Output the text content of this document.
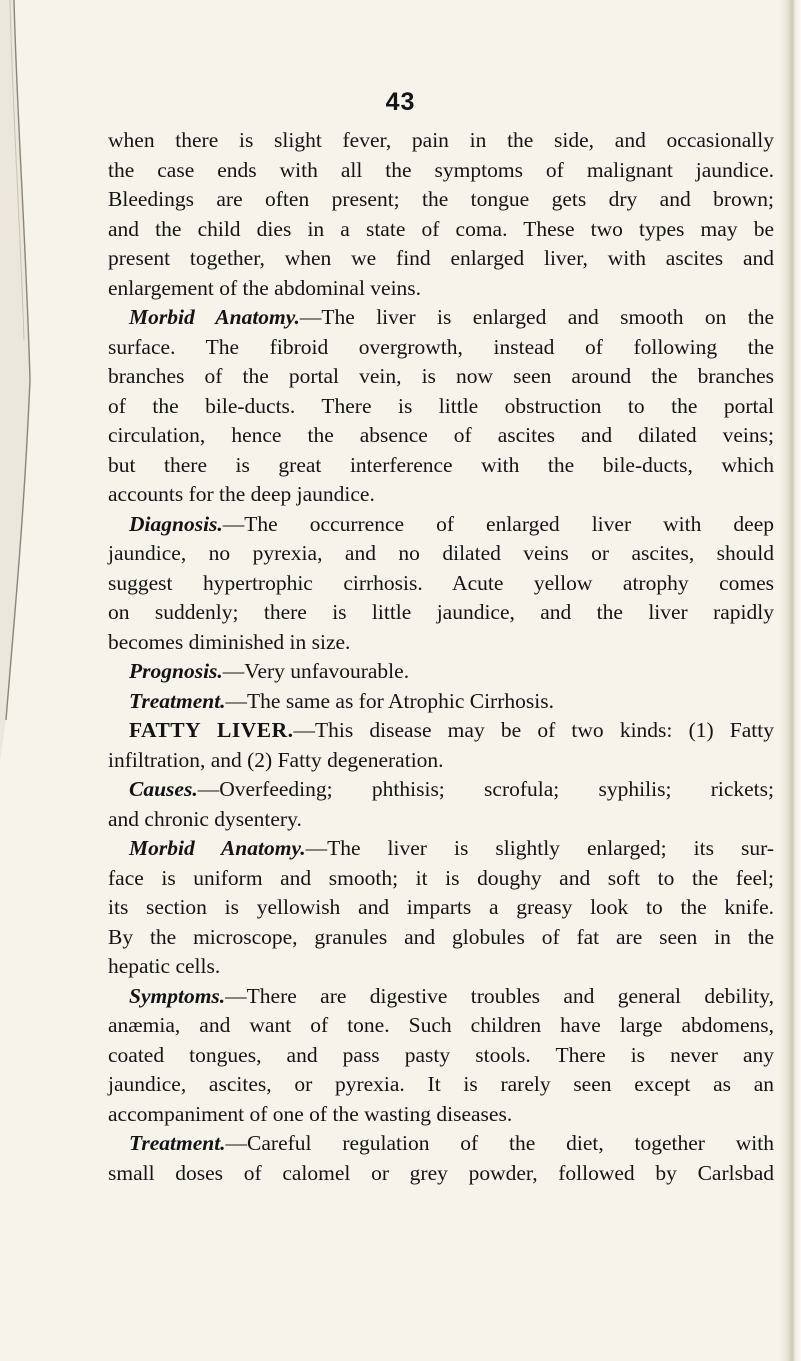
43
when there is slight fever, pain in the side, and occasionally
the case ends with all the symptoms of malignant jaundice.
Bleedings are often present; the tongue gets dry and brown;
and the child dies in a state of coma. These two types may be
present together, when we find enlarged liver, with ascites and
enlargement of the abdominal veins.
Morbid Anatomy.—The liver is enlarged and smooth on the
surface. The fibroid overgrowth, instead of following the
branches of the portal vein, is now seen around the branches
of the bile-ducts. There is little obstruction to the portal
circulation, hence the absence of ascites and dilated veins;
but there is great interference with the bile-ducts, which
accounts for the deep jaundice.
Diagnosis.—The occurrence of enlarged liver with deep
jaundice, no pyrexia, and no dilated veins or ascites, should
suggest hypertrophic cirrhosis. Acute yellow atrophy comes
on suddenly; there is little jaundice, and the liver rapidly
becomes diminished in size.
Prognosis.—Very unfavourable.
Treatment.—The same as for Atrophic Cirrhosis.
FATTY LIVER.—This disease may be of two kinds: (1) Fatty
infiltration, and (2) Fatty degeneration.
Causes.—Overfeeding; phthisis; scrofula; syphilis; rickets;
and chronic dysentery.
Morbid Anatomy.—The liver is slightly enlarged; its sur-
face is uniform and smooth; it is doughy and soft to the feel;
its section is yellowish and imparts a greasy look to the knife.
By the microscope, granules and globules of fat are seen in the
hepatic cells.
Symptoms.—There are digestive troubles and general debility,
anæmia, and want of tone. Such children have large abdomens,
coated tongues, and pass pasty stools. There is never any
jaundice, ascites, or pyrexia. It is rarely seen except as an
accompaniment of one of the wasting diseases.
Treatment.—Careful regulation of the diet, together with
small doses of calomel or grey powder, followed by Carlsbad
